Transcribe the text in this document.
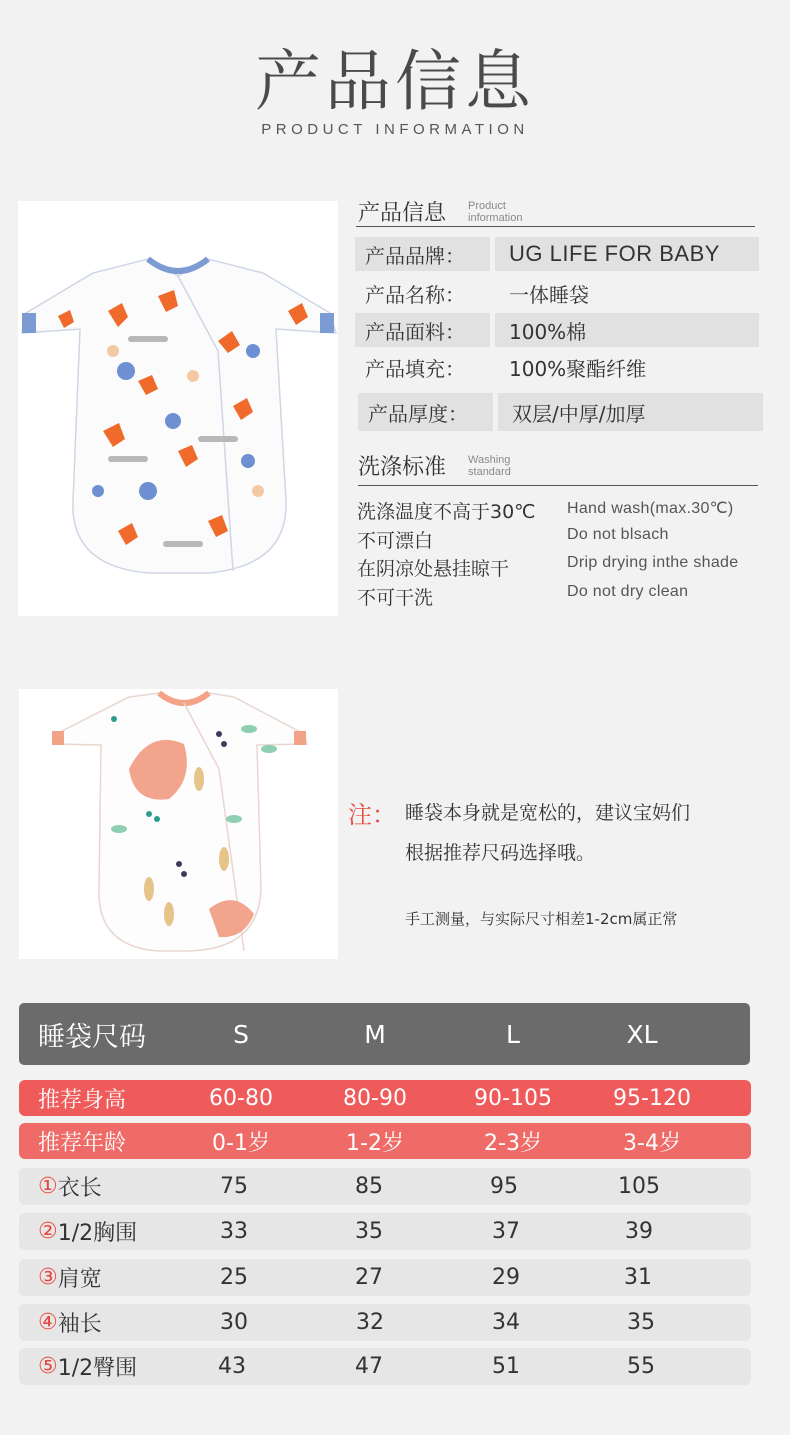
产品信息
PRODUCT INFORMATION
产品信息 Product information
产品品牌：	UG LIFE FOR BABY
产品名称：	一体睡袋
产品面料：	100%棉
产品填充：	100%聚酯纤维
产品厚度：	双层/中厚/加厚
洗涤标准 Washing standard
洗涤温度不高于30℃ Hand wash(max.30℃)
不可漂白	Do not blsach
在阴凉处悬挂晾干	Drip drying inthe shade
不可干洗	Do not dry clean
注： 睡袋本身就是宽松的，建议宝妈们
根据推荐尺码选择哦。
手工测量，与实际尺寸相差1-2cm属正常
睡袋尺码	S	M	L	XL
推荐身高	60-80	80-90	90-105	95-120
推荐年龄	0-1岁	1-2岁	2-3岁	3-4岁
① 衣长	75	85	95	105
② 1/2胸围	33	35	37	39
③ 肩宽	25	27	29	31
④ 袖长	30	32	34	35
⑤ 1/2臀围	43	47	51	55
